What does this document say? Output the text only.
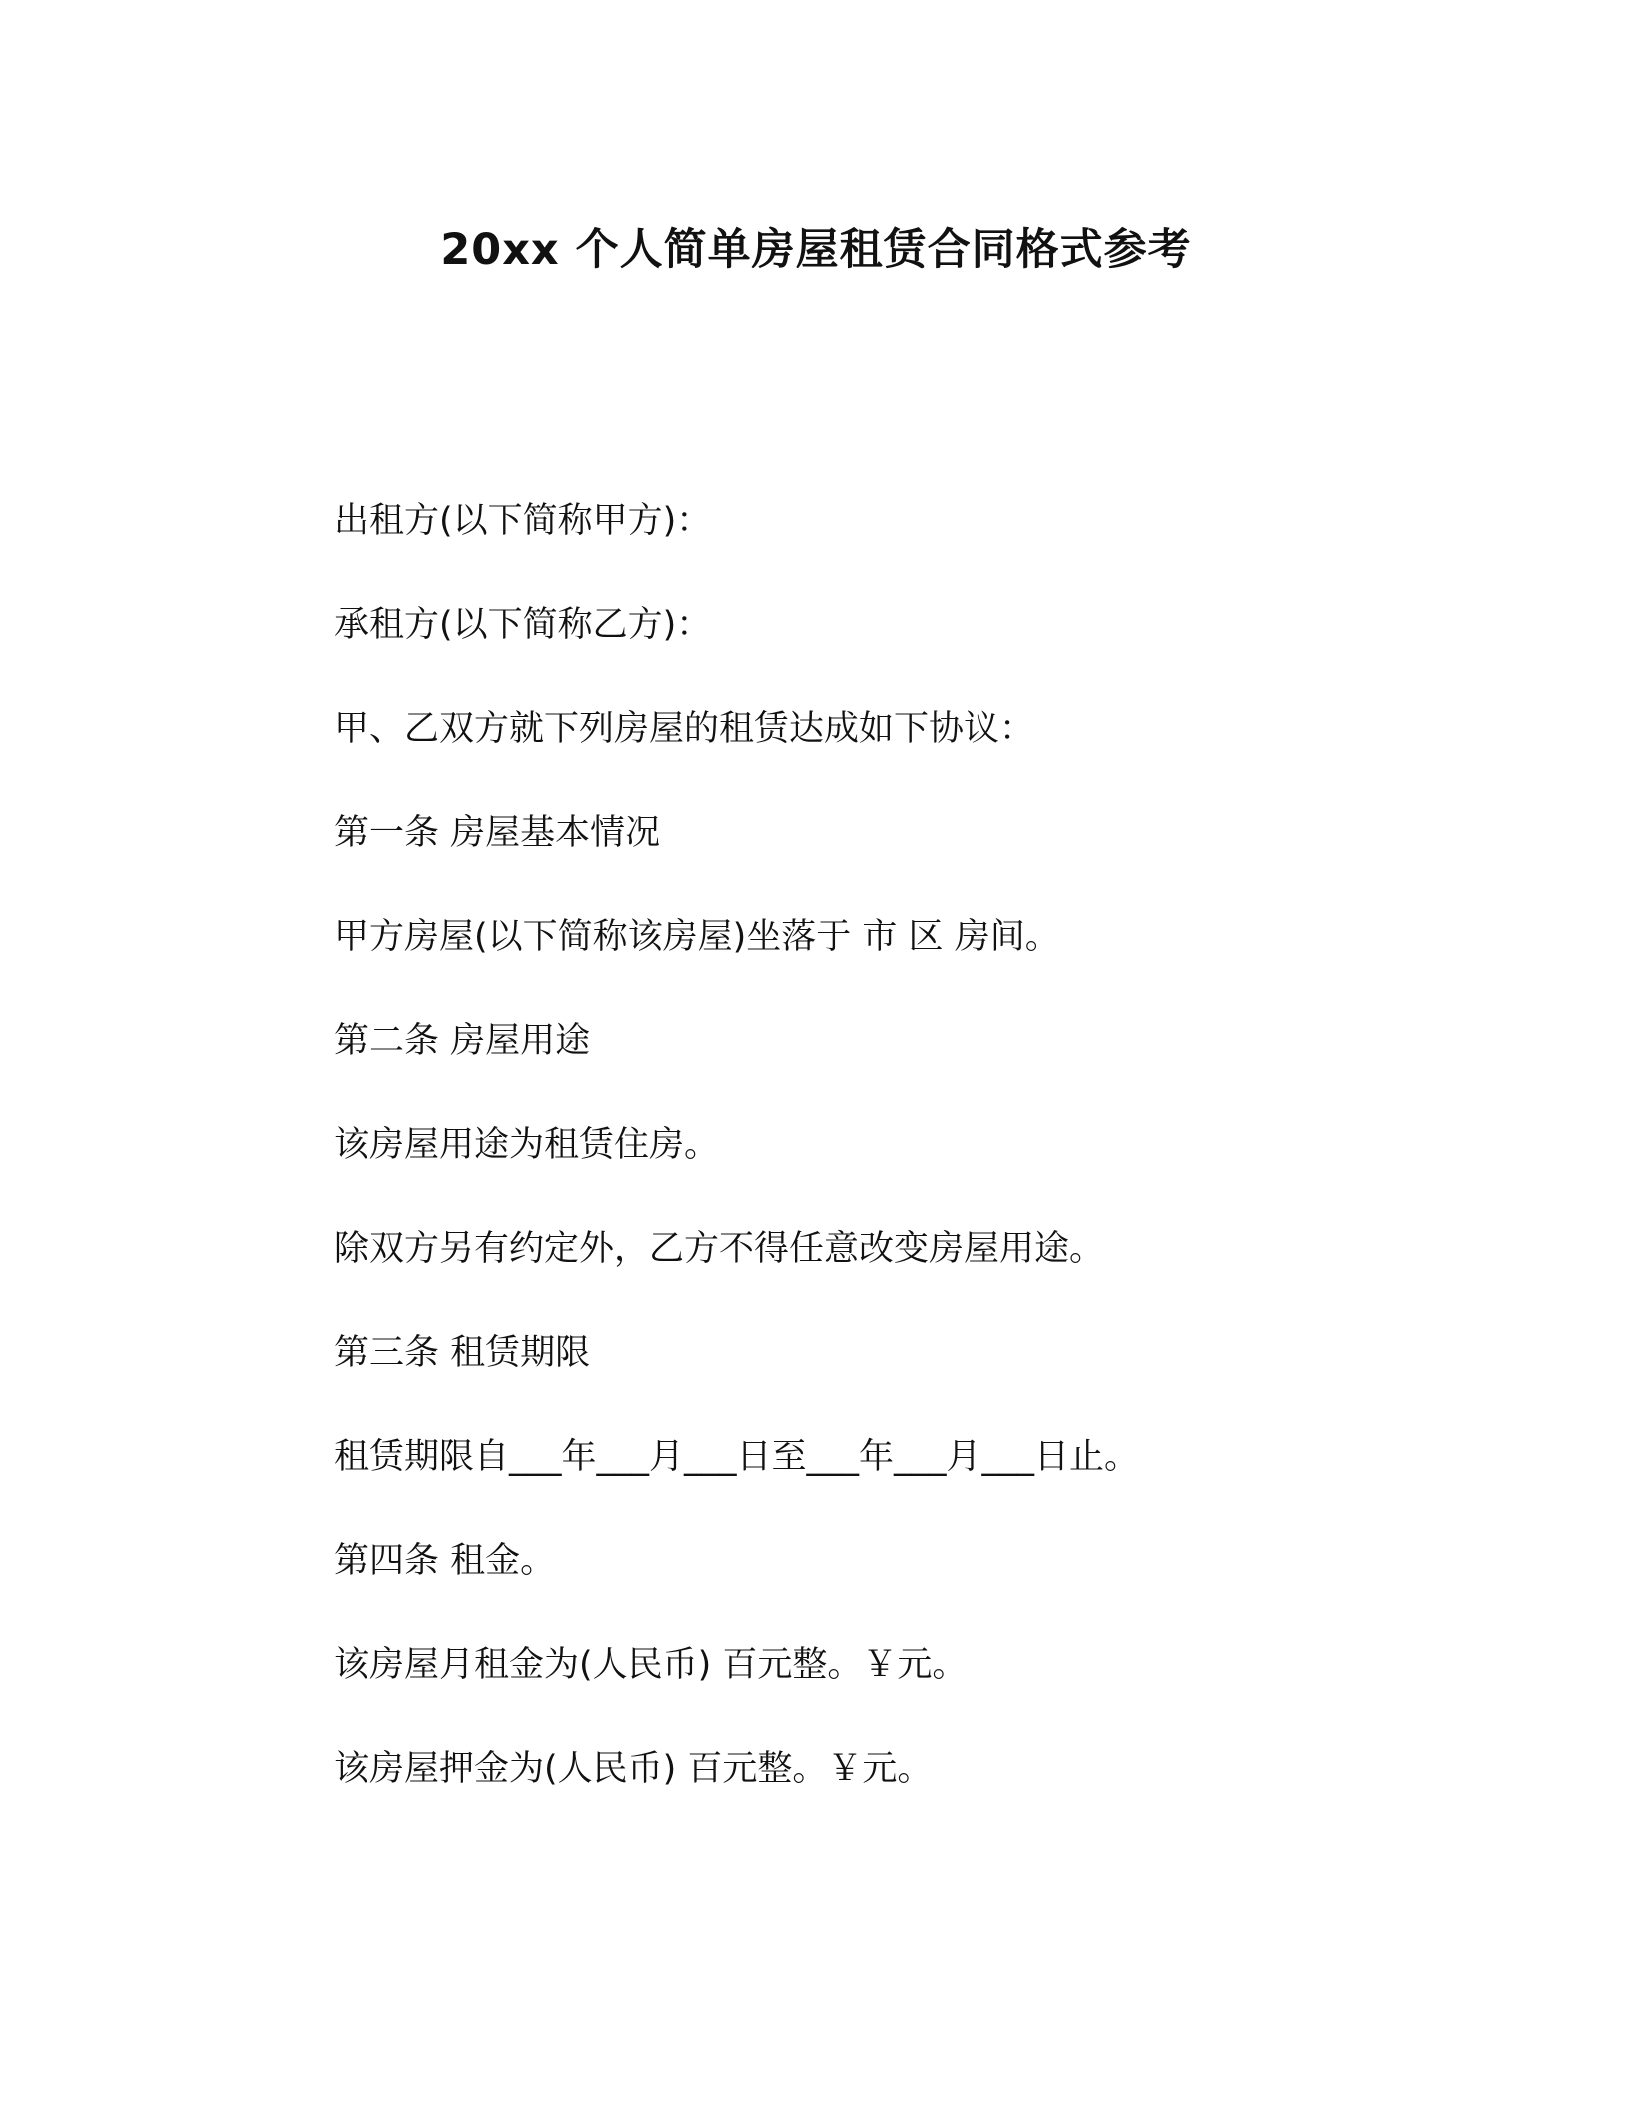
20xx 个人简单房屋租赁合同格式参考
出租方(以下简称甲方)：
承租方(以下简称乙方)：
甲、乙双方就下列房屋的租赁达成如下协议：
第一条 房屋基本情况
甲方房屋(以下简称该房屋)坐落于 市 区 房间。
第二条 房屋用途
该房屋用途为租赁住房。
除双方另有约定外，乙方不得任意改变房屋用途。
第三条 租赁期限
租赁期限自___年___月___日至___年___月___日止。
第四条 租金。
该房屋月租金为(人民币) 百元整。￥元。
该房屋押金为(人民币) 百元整。￥元。
